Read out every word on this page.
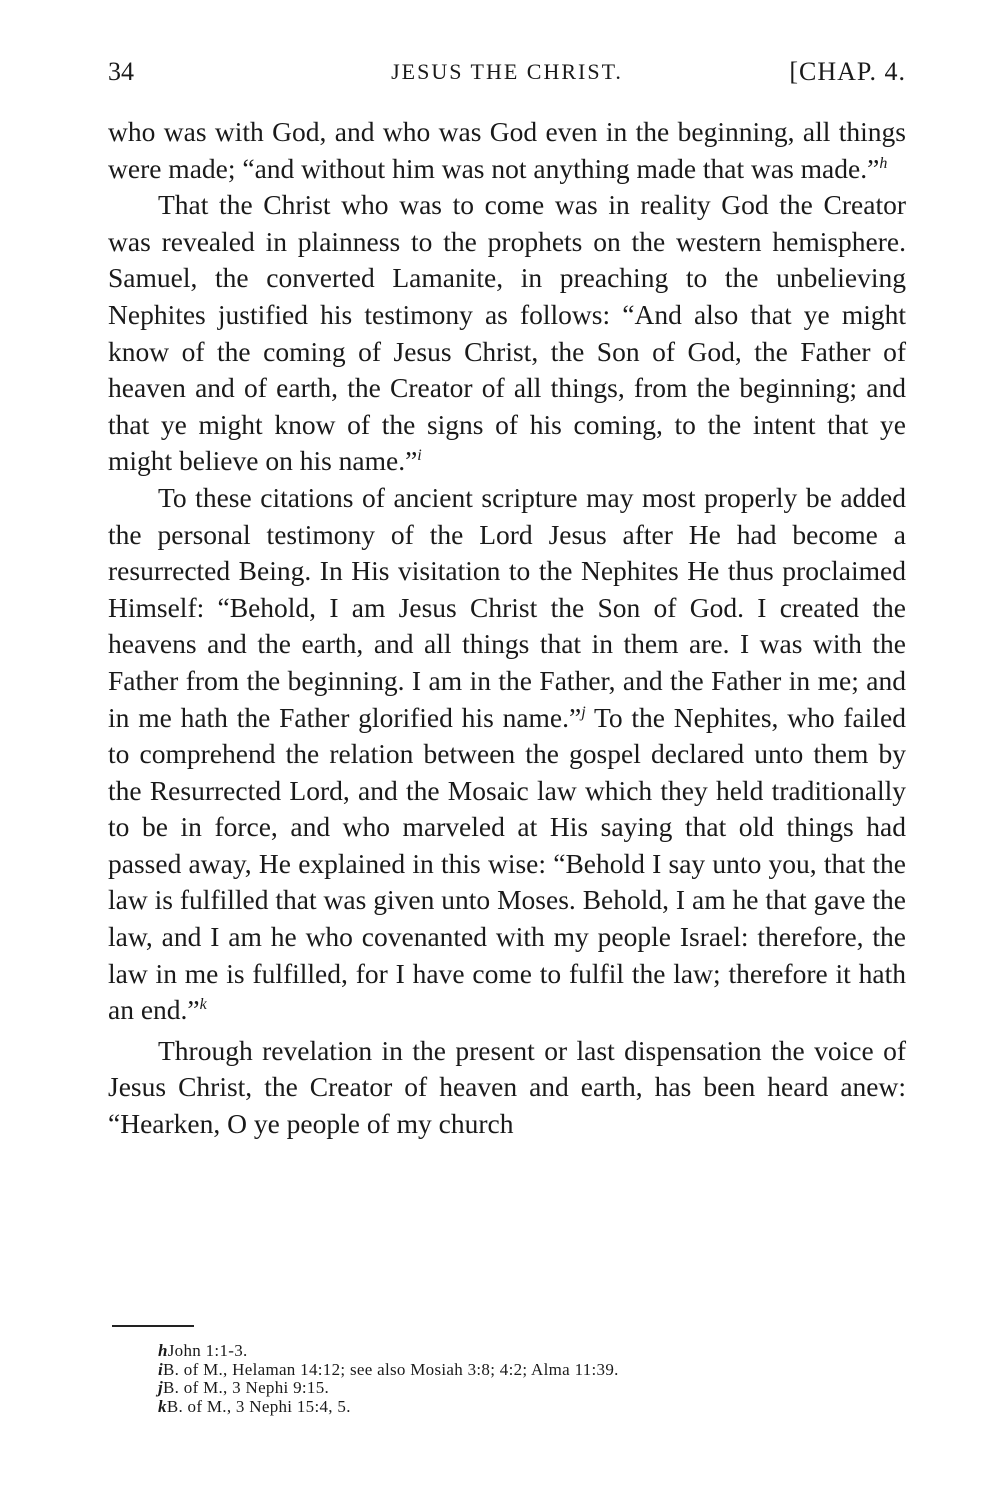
34	JESUS THE CHRIST.	[CHAP. 4.

who was with God, and who was God even in the beginning, all things were made; “and without him was not anything made that was made.”$^h$

That the Christ who was to come was in reality God the Creator was revealed in plainness to the prophets on the western hemisphere. Samuel, the converted Lamanite, in preaching to the unbelieving Nephites justified his testimony as follows: “And also that ye might know of the coming of Jesus Christ, the Son of God, the Father of heaven and of earth, the Creator of all things, from the beginning; and that ye might know of the signs of his coming, to the intent that ye might believe on his name.”$^i$

To these citations of ancient scripture may most properly be added the personal testimony of the Lord Jesus after He had become a resurrected Being. In His visitation to the Nephites He thus proclaimed Himself: “Behold, I am Jesus Christ the Son of God. I created the heavens and the earth, and all things that in them are. I was with the Father from the beginning. I am in the Father, and the Father in me; and in me hath the Father glorified his name.”$^j$ To the Nephites, who failed to comprehend the relation between the gospel declared unto them by the Resurrected Lord, and the Mosaic law which they held traditionally to be in force, and who marveled at His saying that old things had passed away, He explained in this wise: “Behold I say unto you, that the law is fulfilled that was given unto Moses. Behold, I am he that gave the law, and I am he who covenanted with my people Israel: therefore, the law in me is fulfilled, for I have come to fulfil the law; therefore it hath an end.”$^k$

Through revelation in the present or last dispensation the voice of Jesus Christ, the Creator of heaven and earth, has been heard anew: “Hearken, O ye people of my church

hJohn 1:1-3.
iB. of M., Helaman 14:12; see also Mosiah 3:8; 4:2; Alma 11:39.
jB. of M., 3 Nephi 9:15.
kB. of M., 3 Nephi 15:4, 5.
